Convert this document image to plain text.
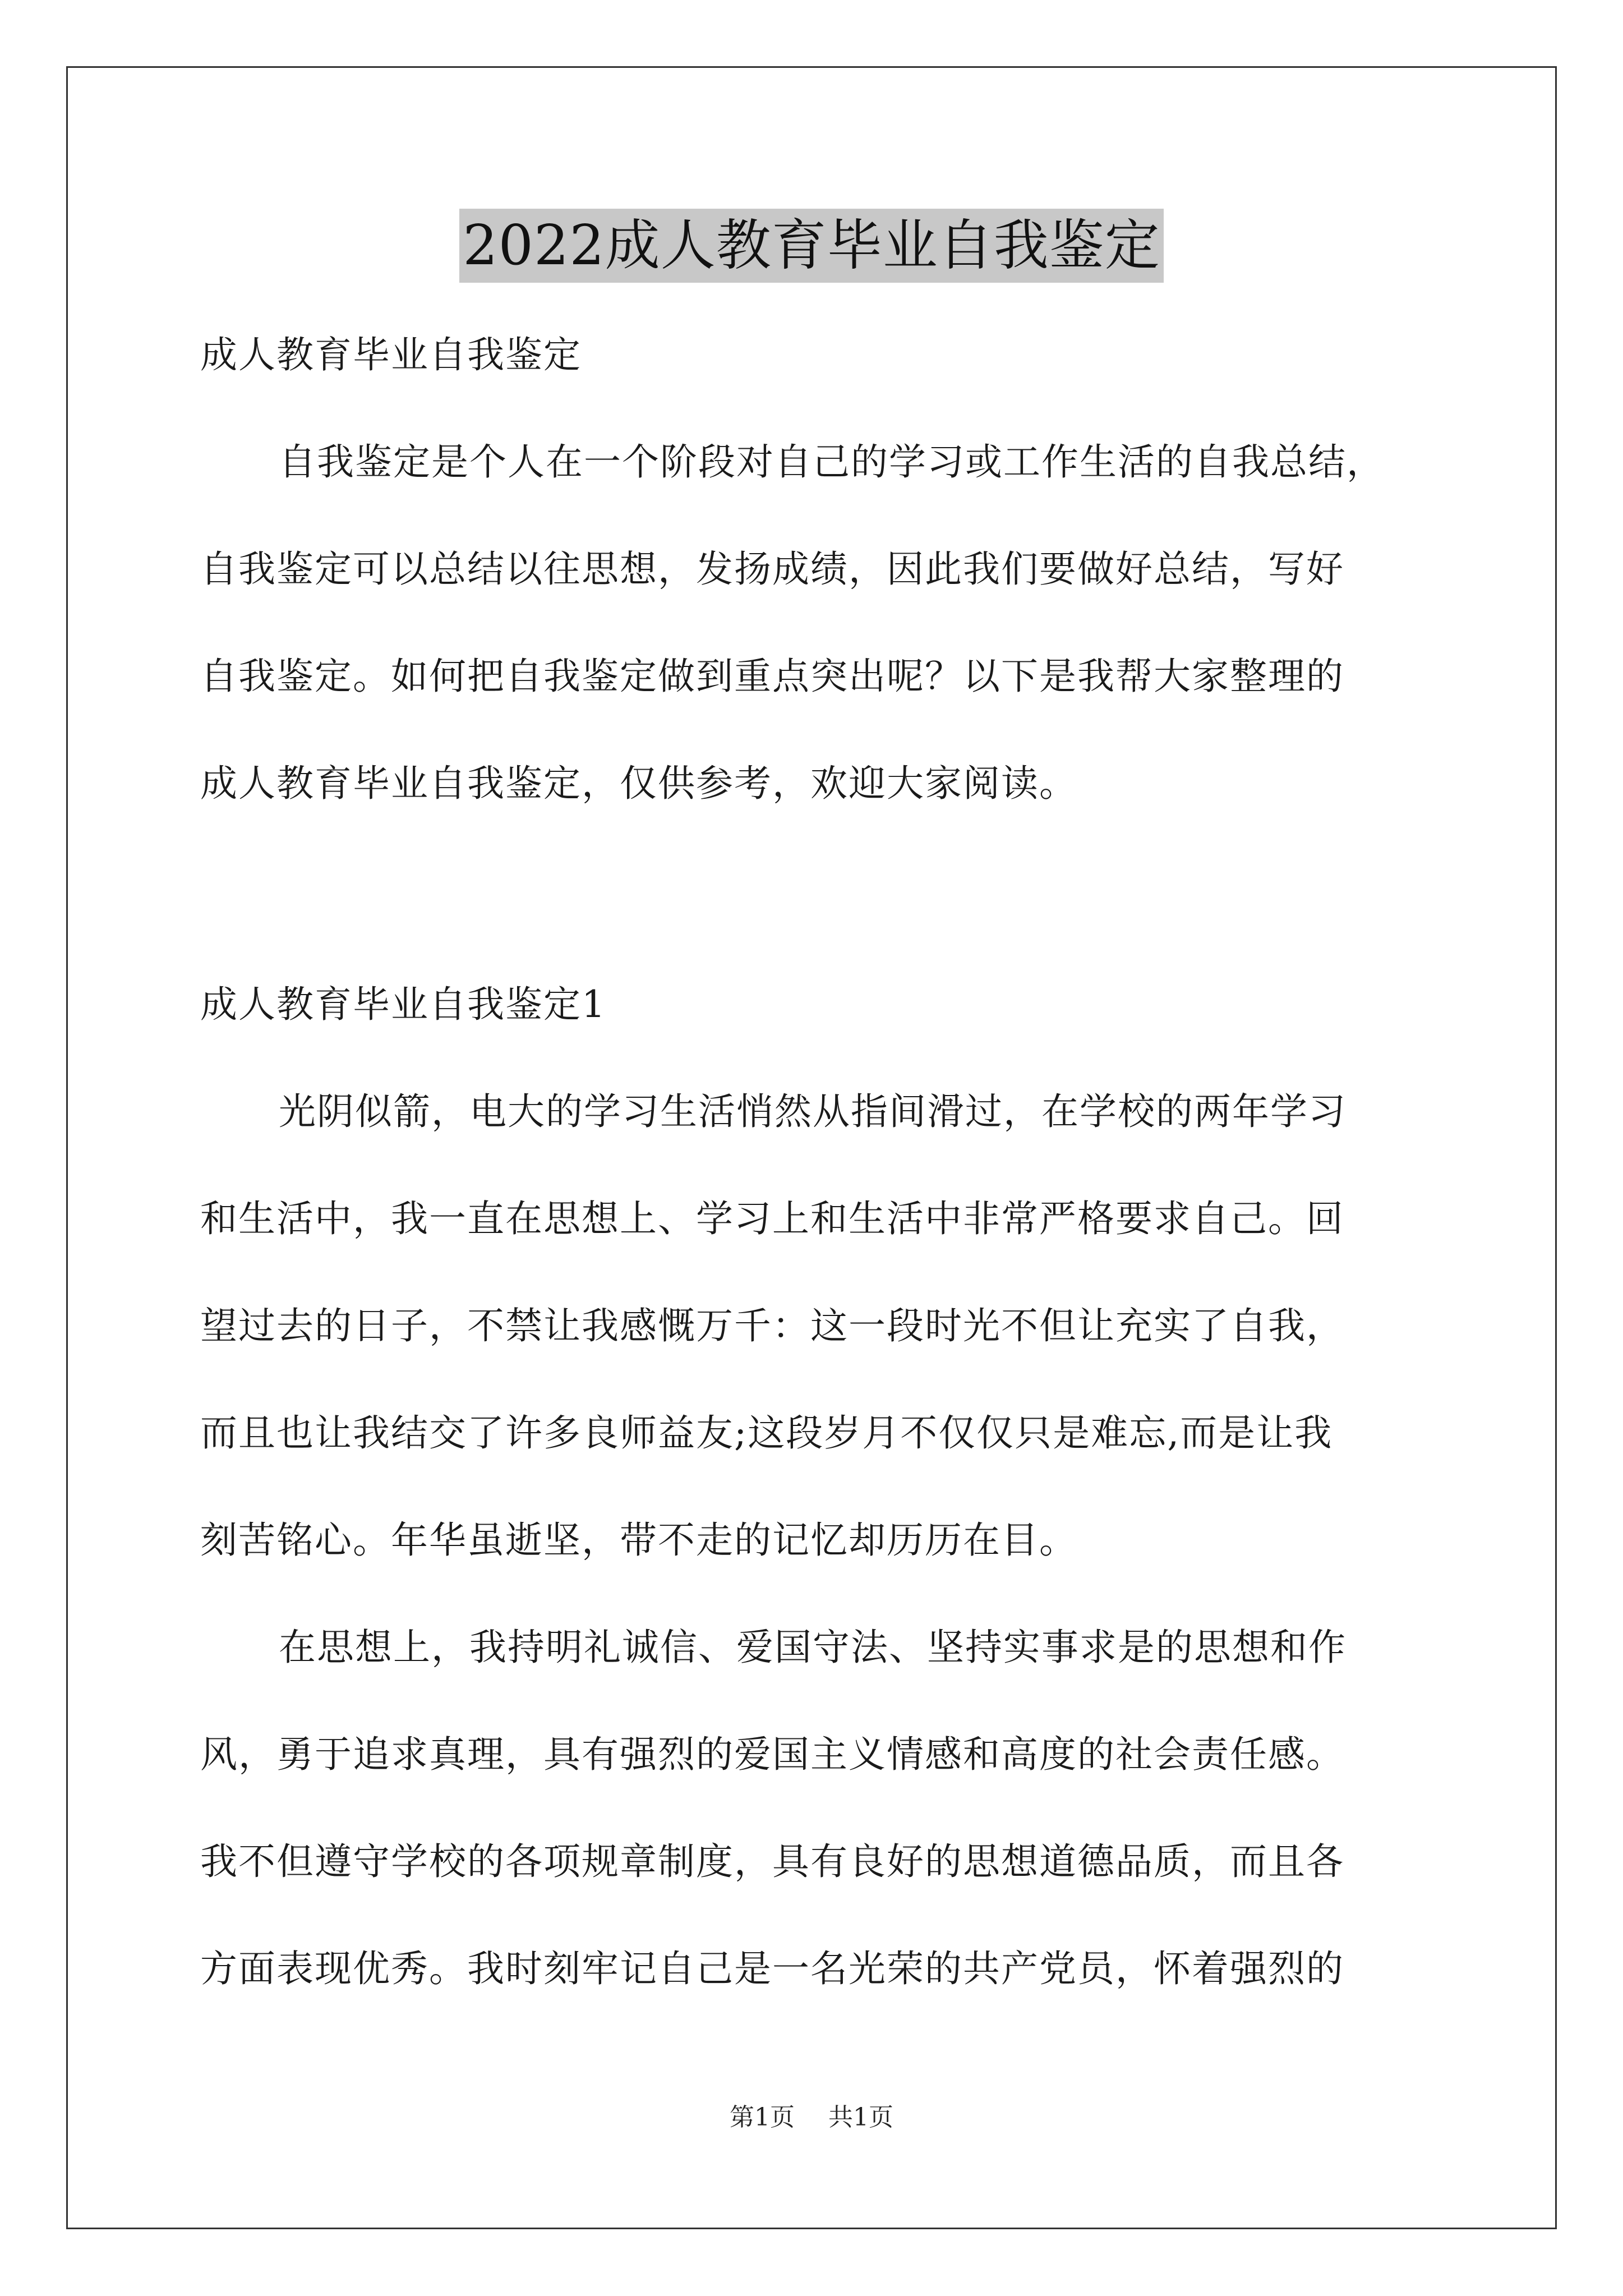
2022成人教育毕业自我鉴定
成人教育毕业自我鉴定
自我鉴定是个人在一个阶段对自己的学习或工作生活的自我总结，
自我鉴定可以总结以往思想，发扬成绩，因此我们要做好总结，写好
自我鉴定。如何把自我鉴定做到重点突出呢？以下是我帮大家整理的
成人教育毕业自我鉴定，仅供参考，欢迎大家阅读。
成人教育毕业自我鉴定1
光阴似箭，电大的学习生活悄然从指间滑过，在学校的两年学习
和生活中，我一直在思想上、学习上和生活中非常严格要求自己。回
望过去的日子，不禁让我感慨万千：这一段时光不但让充实了自我，
而且也让我结交了许多良师益友;这段岁月不仅仅只是难忘,而是让我
刻苦铭心。年华虽逝坚，带不走的记忆却历历在目。
在思想上，我持明礼诚信、爱国守法、坚持实事求是的思想和作
风，勇于追求真理，具有强烈的爱国主义情感和高度的社会责任感。
我不但遵守学校的各项规章制度，具有良好的思想道德品质，而且各
方面表现优秀。我时刻牢记自己是一名光荣的共产党员，怀着强烈的
第1页 共1页
